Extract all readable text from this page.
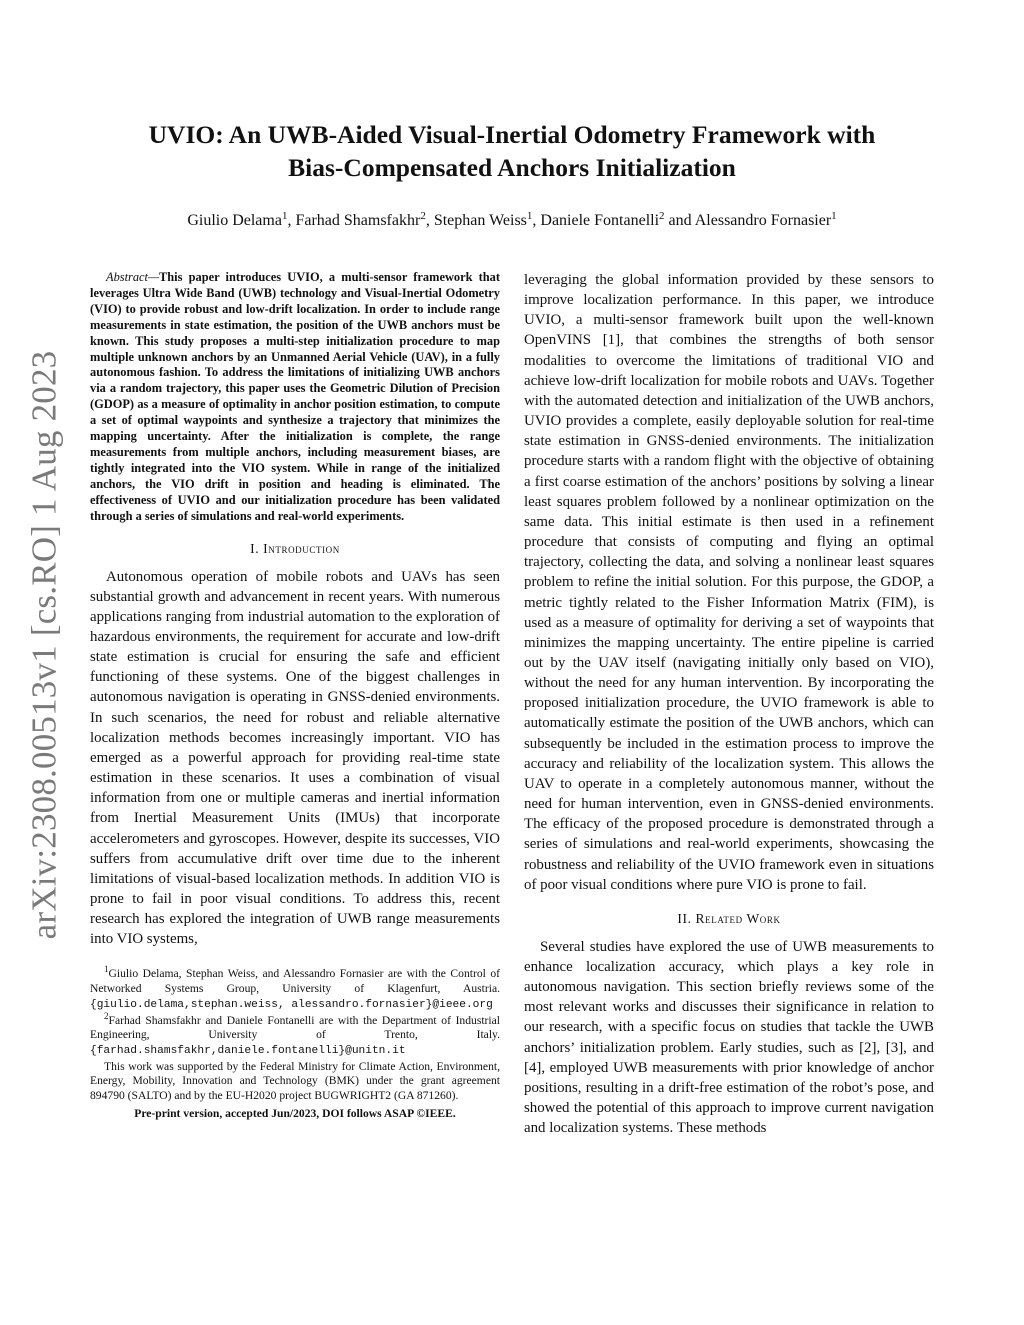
arXiv:2308.00513v1 [cs.RO] 1 Aug 2023
UVIO: An UWB-Aided Visual-Inertial Odometry Framework with
Bias-Compensated Anchors Initialization
Giulio Delama$^1$, Farhad Shamsfakhr$^2$, Stephan Weiss$^1$, Daniele Fontanelli$^2$ and Alessandro Fornasier$^1$

Abstract—This paper introduces UVIO, a multi-sensor framework that leverages Ultra Wide Band (UWB) technology and Visual-Inertial Odometry (VIO) to provide robust and low-drift localization. In order to include range measurements in state estimation, the position of the UWB anchors must be known. This study proposes a multi-step initialization procedure to map multiple unknown anchors by an Unmanned Aerial Vehicle (UAV), in a fully autonomous fashion. To address the limitations of initializing UWB anchors via a random trajectory, this paper uses the Geometric Dilution of Precision (GDOP) as a measure of optimality in anchor position estimation, to compute a set of optimal waypoints and synthesize a trajectory that minimizes the mapping uncertainty. After the initialization is complete, the range measurements from multiple anchors, including measurement biases, are tightly integrated into the VIO system. While in range of the initialized anchors, the VIO drift in position and heading is eliminated. The effectiveness of UVIO and our initialization procedure has been validated through a series of simulations and real-world experiments.

I. Introduction

Autonomous operation of mobile robots and UAVs has seen substantial growth and advancement in recent years. With numerous applications ranging from industrial automation to the exploration of hazardous environments, the requirement for accurate and low-drift state estimation is crucial for ensuring the safe and efficient functioning of these systems. One of the biggest challenges in autonomous navigation is operating in GNSS-denied environments. In such scenarios, the need for robust and reliable alternative localization methods becomes increasingly important. VIO has emerged as a powerful approach for providing real-time state estimation in these scenarios. It uses a combination of visual information from one or multiple cameras and inertial information from Inertial Measurement Units (IMUs) that incorporate accelerometers and gyroscopes. However, despite its successes, VIO suffers from accumulative drift over time due to the inherent limitations of visual-based localization methods. In addition VIO is prone to fail in poor visual conditions. To address this, recent research has explored the integration of UWB range measurements into VIO systems,

$^1$Giulio Delama, Stephan Weiss, and Alessandro Fornasier are with the Control of Networked Systems Group, University of Klagenfurt, Austria. {giulio.delama,stephan.weiss, alessandro.fornasier}@ieee.org

$^2$Farhad Shamsfakhr and Daniele Fontanelli are with the Department of Industrial Engineering, University of Trento, Italy. {farhad.shamsfakhr,daniele.fontanelli}@unitn.it

This work was supported by the Federal Ministry for Climate Action, Environment, Energy, Mobility, Innovation and Technology (BMK) under the grant agreement 894790 (SALTO) and by the EU-H2020 project BUGWRIGHT2 (GA 871260).

Pre-print version, accepted Jun/2023, DOI follows ASAP ©IEEE.

leveraging the global information provided by these sensors to improve localization performance. In this paper, we introduce UVIO, a multi-sensor framework built upon the well-known OpenVINS [1], that combines the strengths of both sensor modalities to overcome the limitations of traditional VIO and achieve low-drift localization for mobile robots and UAVs. Together with the automated detection and initialization of the UWB anchors, UVIO provides a complete, easily deployable solution for real-time state estimation in GNSS-denied environments. The initialization procedure starts with a random flight with the objective of obtaining a first coarse estimation of the anchors’ positions by solving a linear least squares problem followed by a nonlinear optimization on the same data. This initial estimate is then used in a refinement procedure that consists of computing and flying an optimal trajectory, collecting the data, and solving a nonlinear least squares problem to refine the initial solution. For this purpose, the GDOP, a metric tightly related to the Fisher Information Matrix (FIM), is used as a measure of optimality for deriving a set of waypoints that minimizes the mapping uncertainty. The entire pipeline is carried out by the UAV itself (navigating initially only based on VIO), without the need for any human intervention. By incorporating the proposed initialization procedure, the UVIO framework is able to automatically estimate the position of the UWB anchors, which can subsequently be included in the estimation process to improve the accuracy and reliability of the localization system. This allows the UAV to operate in a completely autonomous manner, without the need for human intervention, even in GNSS-denied environments. The efficacy of the proposed procedure is demonstrated through a series of simulations and real-world experiments, showcasing the robustness and reliability of the UVIO framework even in situations of poor visual conditions where pure VIO is prone to fail.

II. Related Work

Several studies have explored the use of UWB measurements to enhance localization accuracy, which plays a key role in autonomous navigation. This section briefly reviews some of the most relevant works and discusses their significance in relation to our research, with a specific focus on studies that tackle the UWB anchors’ initialization problem. Early studies, such as [2], [3], and [4], employed UWB measurements with prior knowledge of anchor positions, resulting in a drift-free estimation of the robot’s pose, and showed the potential of this approach to improve current navigation and localization systems. These methods
